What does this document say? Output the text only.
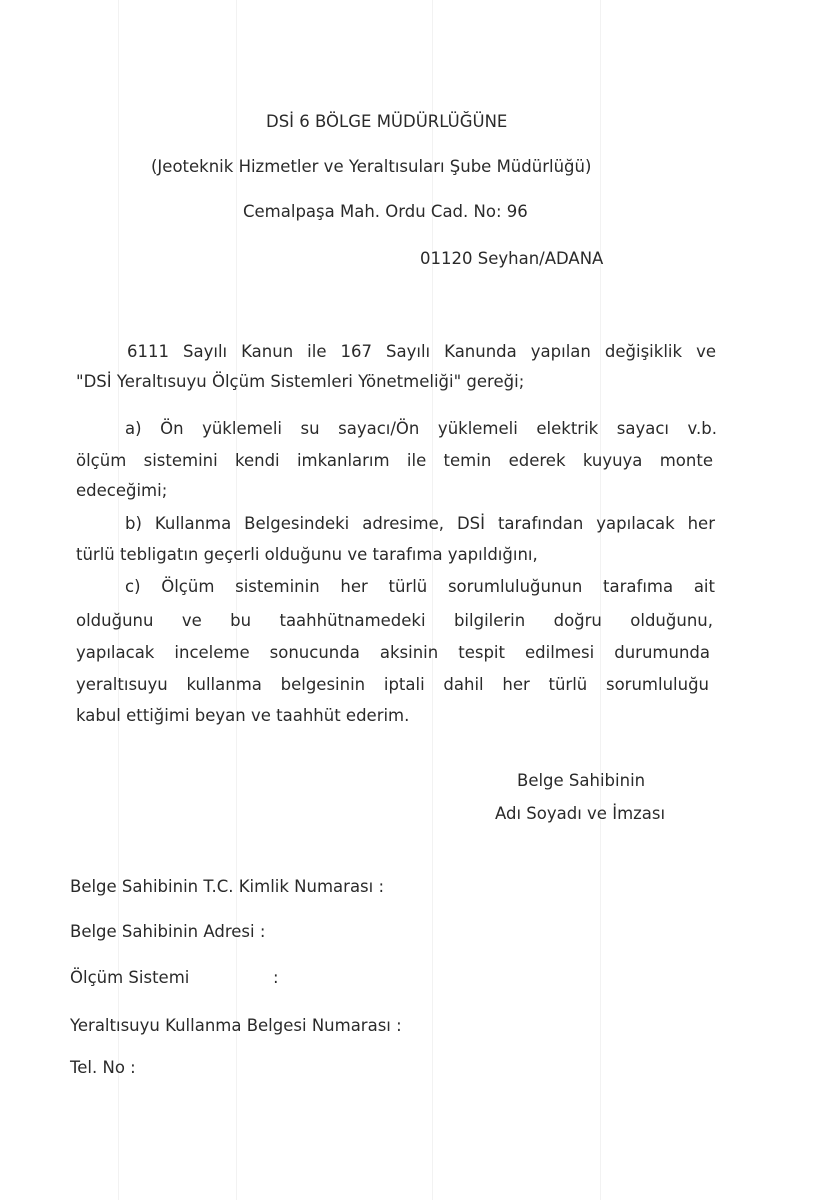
DSİ 6 BÖLGE MÜDÜRLÜĞÜNE
(Jeoteknik Hizmetler ve Yeraltısuları Şube Müdürlüğü)
Cemalpaşa Mah. Ordu Cad. No: 96
01120 Seyhan/ADANA
6111 Sayılı Kanun ile 167 Sayılı Kanunda yapılan değişiklik ve
"DSİ Yeraltısuyu Ölçüm Sistemleri Yönetmeliği" gereği;
a) Ön yüklemeli su sayacı/Ön yüklemeli elektrik sayacı v.b.
ölçüm sistemini kendi imkanlarım ile temin ederek kuyuya monte
edeceğimi;
b) Kullanma Belgesindeki adresime, DSİ tarafından yapılacak her
türlü tebligatın geçerli olduğunu ve tarafıma yapıldığını,
c) Ölçüm sisteminin her türlü sorumluluğunun tarafıma ait
olduğunu ve bu taahhütnamedeki bilgilerin doğru olduğunu,
yapılacak inceleme sonucunda aksinin tespit edilmesi durumunda
yeraltısuyu kullanma belgesinin iptali dahil her türlü sorumluluğu
kabul ettiğimi beyan ve taahhüt ederim.
Belge Sahibinin
Adı Soyadı ve İmzası
Belge Sahibinin T.C. Kimlik Numarası :
Belge Sahibinin Adresi :
Ölçüm Sistemi	:
Yeraltısuyu Kullanma Belgesi Numarası :
Tel. No :
